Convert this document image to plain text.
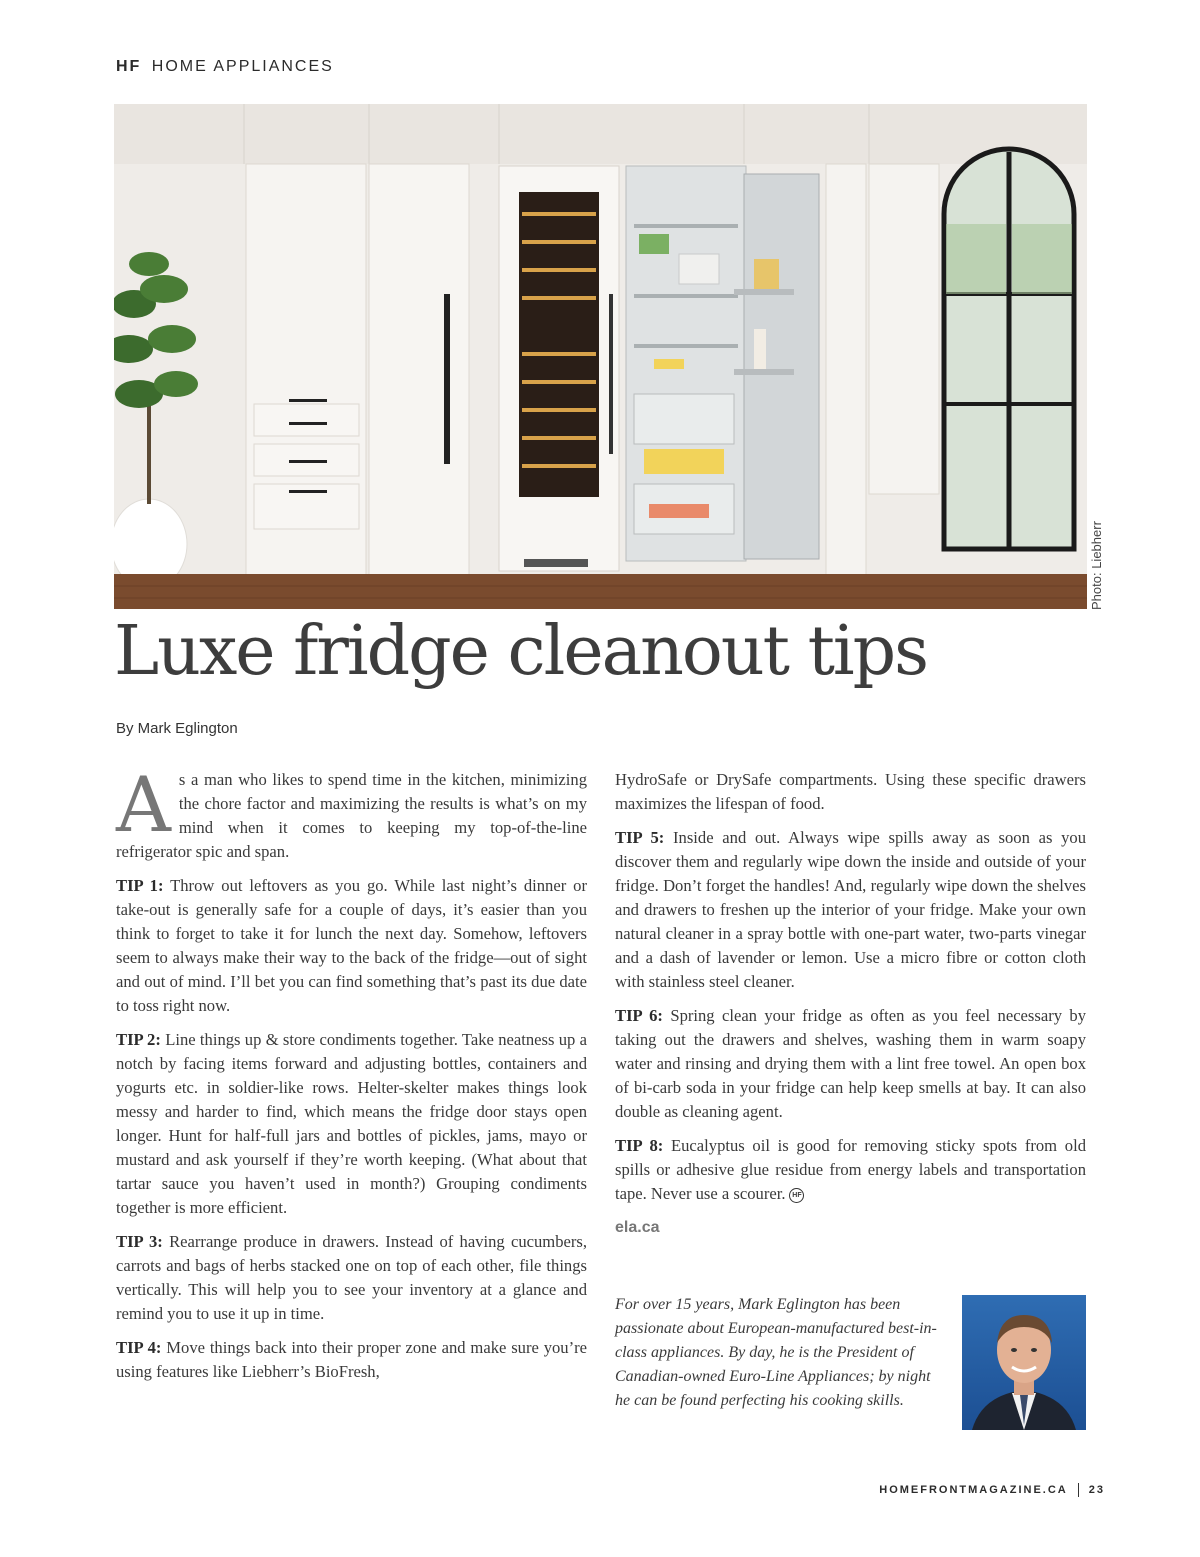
HF HOME APPLIANCES
Photo: Liebherr
Luxe fridge cleanout tips
By Mark Eglington

As a man who likes to spend time in the kitchen, minimizing the chore factor and maximizing the results is what’s on my mind when it comes to keeping my top-of-the-line refrigerator spic and span.

TIP 1: Throw out leftovers as you go. While last night’s dinner or take-out is generally safe for a couple of days, it’s easier than you think to forget to take it for lunch the next day. Somehow, leftovers seem to always make their way to the back of the fridge—out of sight and out of mind. I’ll bet you can find something that’s past its due date to toss right now.

TIP 2: Line things up & store condiments together. Take neatness up a notch by facing items forward and adjusting bottles, containers and yogurts etc. in soldier-like rows. Helter-skelter makes things look messy and harder to find, which means the fridge door stays open longer. Hunt for half-full jars and bottles of pickles, jams, mayo or mustard and ask yourself if they’re worth keeping. (What about that tartar sauce you haven’t used in month?) Grouping condiments together is more efficient.

TIP 3: Rearrange produce in drawers. Instead of having cucumbers, carrots and bags of herbs stacked one on top of each other, file things vertically. This will help you to see your inventory at a glance and remind you to use it up in time.

TIP 4: Move things back into their proper zone and make sure you’re using features like Liebherr’s BioFresh,

HydroSafe or DrySafe compartments. Using these specific drawers maximizes the lifespan of food.

TIP 5: Inside and out. Always wipe spills away as soon as you discover them and regularly wipe down the inside and outside of your fridge. Don’t forget the handles! And, regularly wipe down the shelves and drawers to freshen up the interior of your fridge. Make your own natural cleaner in a spray bottle with one-part water, two-parts vinegar and a dash of lavender or lemon. Use a micro fibre or cotton cloth with stainless steel cleaner.

TIP 6: Spring clean your fridge as often as you feel necessary by taking out the drawers and shelves, washing them in warm soapy water and rinsing and drying them with a lint free towel. An open box of bi-carb soda in your fridge can help keep smells at bay. It can also double as cleaning agent.

TIP 8: Eucalyptus oil is good for removing sticky spots from old spills or adhesive glue residue from energy labels and transportation tape. Never use a scourer. HF

ela.ca

For over 15 years, Mark Eglington has been passionate about European-manufactured best-in-class appliances. By day, he is the President of Canadian-owned Euro-Line Appliances; by night he can be found perfecting his cooking skills.
HOMEFRONTMAGAZINE.CA 23
